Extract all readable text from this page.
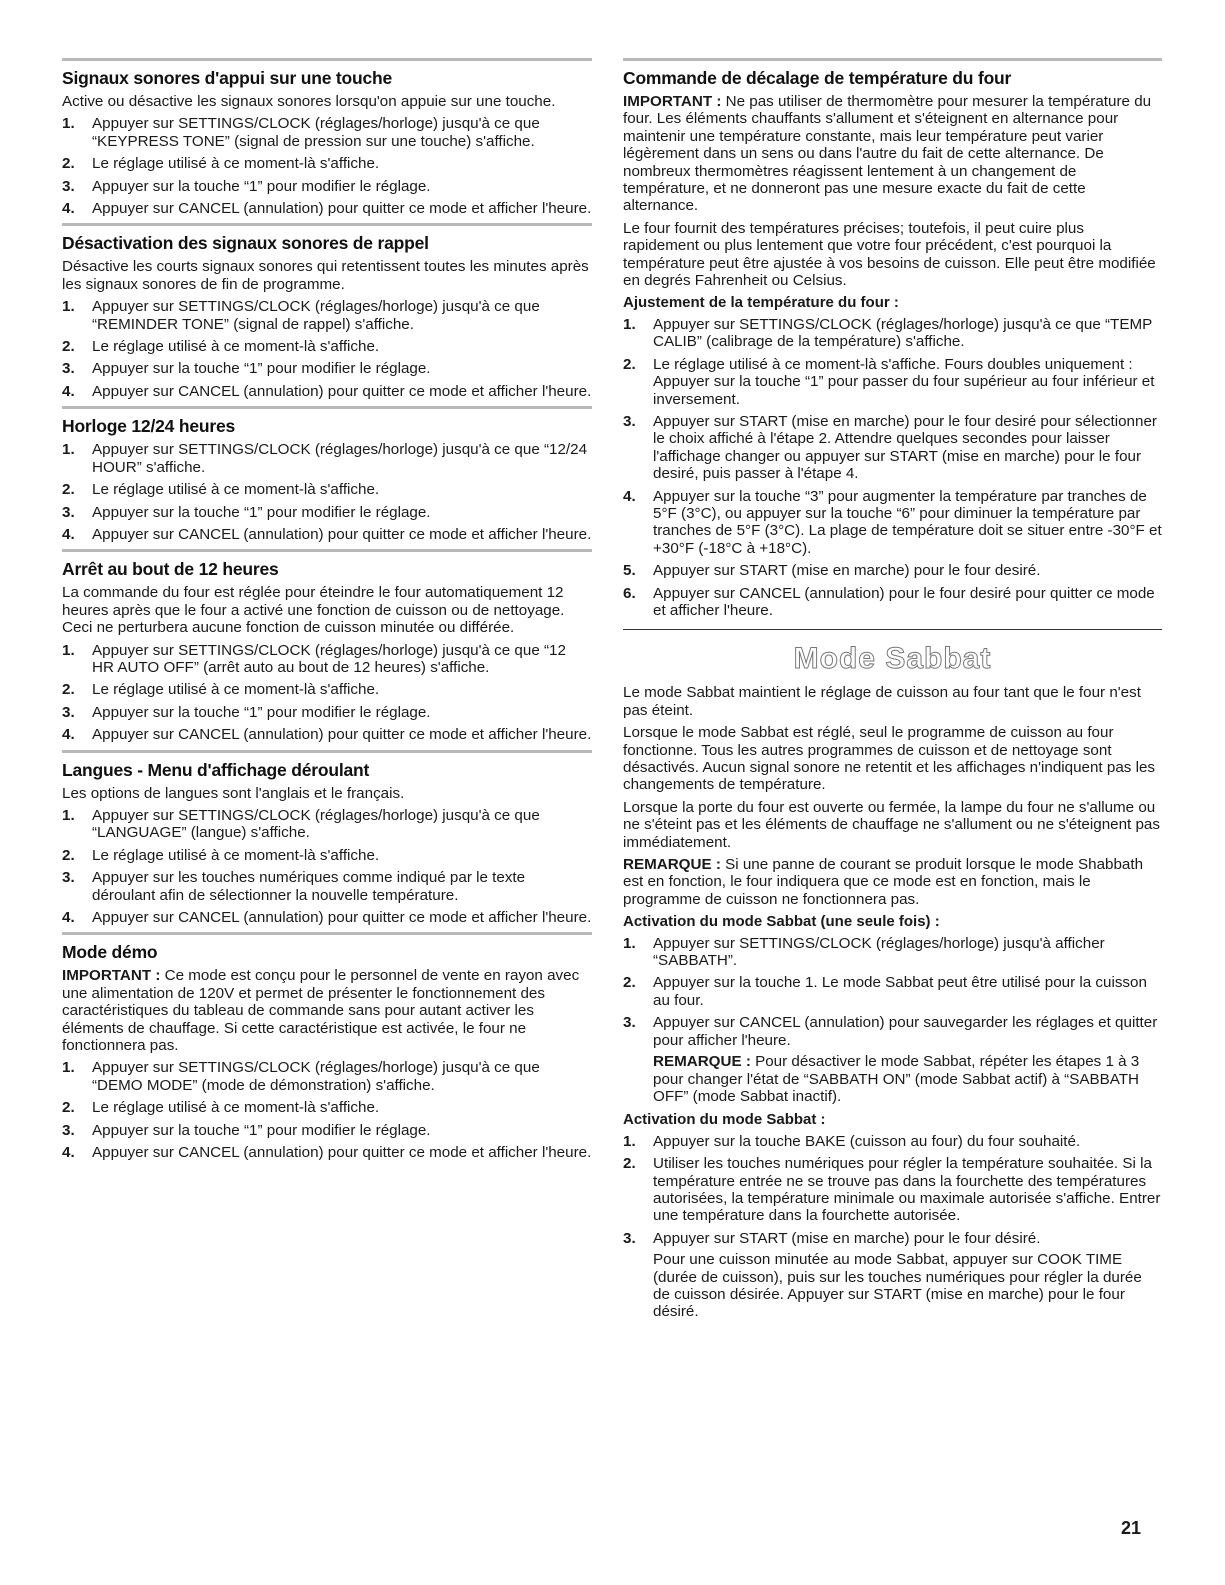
Signaux sonores d'appui sur une touche

Active ou désactive les signaux sonores lorsqu'on appuie sur une touche.

1. Appuyer sur SETTINGS/CLOCK (réglages/horloge) jusqu'à ce que “KEYPRESS TONE” (signal de pression sur une touche) s'affiche.
2. Le réglage utilisé à ce moment-là s'affiche.
3. Appuyer sur la touche “1” pour modifier le réglage.
4. Appuyer sur CANCEL (annulation) pour quitter ce mode et afficher l'heure.
Désactivation des signaux sonores de rappel

Désactive les courts signaux sonores qui retentissent toutes les minutes après les signaux sonores de fin de programme.

1. Appuyer sur SETTINGS/CLOCK (réglages/horloge) jusqu'à ce que “REMINDER TONE” (signal de rappel) s'affiche.
2. Le réglage utilisé à ce moment-là s'affiche.
3. Appuyer sur la touche “1” pour modifier le réglage.
4. Appuyer sur CANCEL (annulation) pour quitter ce mode et afficher l'heure.
Horloge 12/24 heures
1. Appuyer sur SETTINGS/CLOCK (réglages/horloge) jusqu'à ce que “12/24 HOUR” s'affiche.
2. Le réglage utilisé à ce moment-là s'affiche.
3. Appuyer sur la touche “1” pour modifier le réglage.
4. Appuyer sur CANCEL (annulation) pour quitter ce mode et afficher l'heure.
Arrêt au bout de 12 heures

La commande du four est réglée pour éteindre le four automatiquement 12 heures après que le four a activé une fonction de cuisson ou de nettoyage. Ceci ne perturbera aucune fonction de cuisson minutée ou différée.

1. Appuyer sur SETTINGS/CLOCK (réglages/horloge) jusqu'à ce que “12 HR AUTO OFF” (arrêt auto au bout de 12 heures) s'affiche.
2. Le réglage utilisé à ce moment-là s'affiche.
3. Appuyer sur la touche “1” pour modifier le réglage.
4. Appuyer sur CANCEL (annulation) pour quitter ce mode et afficher l'heure.
Langues - Menu d'affichage déroulant

Les options de langues sont l'anglais et le français.

1. Appuyer sur SETTINGS/CLOCK (réglages/horloge) jusqu'à ce que “LANGUAGE” (langue) s'affiche.
2. Le réglage utilisé à ce moment-là s'affiche.
3. Appuyer sur les touches numériques comme indiqué par le texte déroulant afin de sélectionner la nouvelle température.
4. Appuyer sur CANCEL (annulation) pour quitter ce mode et afficher l'heure.
Mode démo

IMPORTANT : Ce mode est conçu pour le personnel de vente en rayon avec une alimentation de 120V et permet de présenter le fonctionnement des caractéristiques du tableau de commande sans pour autant activer les éléments de chauffage. Si cette caractéristique est activée, le four ne fonctionnera pas.

1. Appuyer sur SETTINGS/CLOCK (réglages/horloge) jusqu'à ce que “DEMO MODE” (mode de démonstration) s'affiche.
2. Le réglage utilisé à ce moment-là s'affiche.
3. Appuyer sur la touche “1” pour modifier le réglage.
4. Appuyer sur CANCEL (annulation) pour quitter ce mode et afficher l'heure.
Commande de décalage de température du four

IMPORTANT : Ne pas utiliser de thermomètre pour mesurer la température du four. Les éléments chauffants s'allument et s'éteignent en alternance pour maintenir une température constante, mais leur température peut varier légèrement dans un sens ou dans l'autre du fait de cette alternance. De nombreux thermomètres réagissent lentement à un changement de température, et ne donneront pas une mesure exacte du fait de cette alternance.

Le four fournit des températures précises; toutefois, il peut cuire plus rapidement ou plus lentement que votre four précédent, c'est pourquoi la température peut être ajustée à vos besoins de cuisson. Elle peut être modifiée en degrés Fahrenheit ou Celsius.

Ajustement de la température du four :
1. Appuyer sur SETTINGS/CLOCK (réglages/horloge) jusqu'à ce que “TEMP CALIB” (calibrage de la température) s'affiche.
2. Le réglage utilisé à ce moment-là s'affiche. Fours doubles uniquement : Appuyer sur la touche “1” pour passer du four supérieur au four inférieur et inversement.
3. Appuyer sur START (mise en marche) pour le four desiré pour sélectionner le choix affiché à l'étape 2. Attendre quelques secondes pour laisser l'affichage changer ou appuyer sur START (mise en marche) pour le four desiré, puis passer à l'étape 4.
4. Appuyer sur la touche “3” pour augmenter la température par tranches de 5°F (3°C), ou appuyer sur la touche “6” pour diminuer la température par tranches de 5°F (3°C). La plage de température doit se situer entre -30°F et +30°F (-18°C à +18°C).
5. Appuyer sur START (mise en marche) pour le four desiré.
6. Appuyer sur CANCEL (annulation) pour le four desiré pour quitter ce mode et afficher l'heure.
Mode Sabbat

Le mode Sabbat maintient le réglage de cuisson au four tant que le four n'est pas éteint.

Lorsque le mode Sabbat est réglé, seul le programme de cuisson au four fonctionne. Tous les autres programmes de cuisson et de nettoyage sont désactivés. Aucun signal sonore ne retentit et les affichages n'indiquent pas les changements de température.

Lorsque la porte du four est ouverte ou fermée, la lampe du four ne s'allume ou ne s'éteint pas et les éléments de chauffage ne s'allument ou ne s'éteignent pas immédiatement.

REMARQUE : Si une panne de courant se produit lorsque le mode Shabbath est en fonction, le four indiquera que ce mode est en fonction, mais le programme de cuisson ne fonctionnera pas.

Activation du mode Sabbat (une seule fois) :
1. Appuyer sur SETTINGS/CLOCK (réglages/horloge) jusqu'à afficher “SABBATH”.
2. Appuyer sur la touche 1. Le mode Sabbat peut être utilisé pour la cuisson au four.
3. Appuyer sur CANCEL (annulation) pour sauvegarder les réglages et quitter pour afficher l'heure.
REMARQUE : Pour désactiver le mode Sabbat, répéter les étapes 1 à 3 pour changer l'état de “SABBATH ON” (mode Sabbat actif) à “SABBATH OFF” (mode Sabbat inactif).
Activation du mode Sabbat :
1. Appuyer sur la touche BAKE (cuisson au four) du four souhaité.
2. Utiliser les touches numériques pour régler la température souhaitée. Si la température entrée ne se trouve pas dans la fourchette des températures autorisées, la température minimale ou maximale autorisée s'affiche. Entrer une température dans la fourchette autorisée.
3. Appuyer sur START (mise en marche) pour le four désiré.
Pour une cuisson minutée au mode Sabbat, appuyer sur COOK TIME (durée de cuisson), puis sur les touches numériques pour régler la durée de cuisson désirée. Appuyer sur START (mise en marche) pour le four désiré.
21
